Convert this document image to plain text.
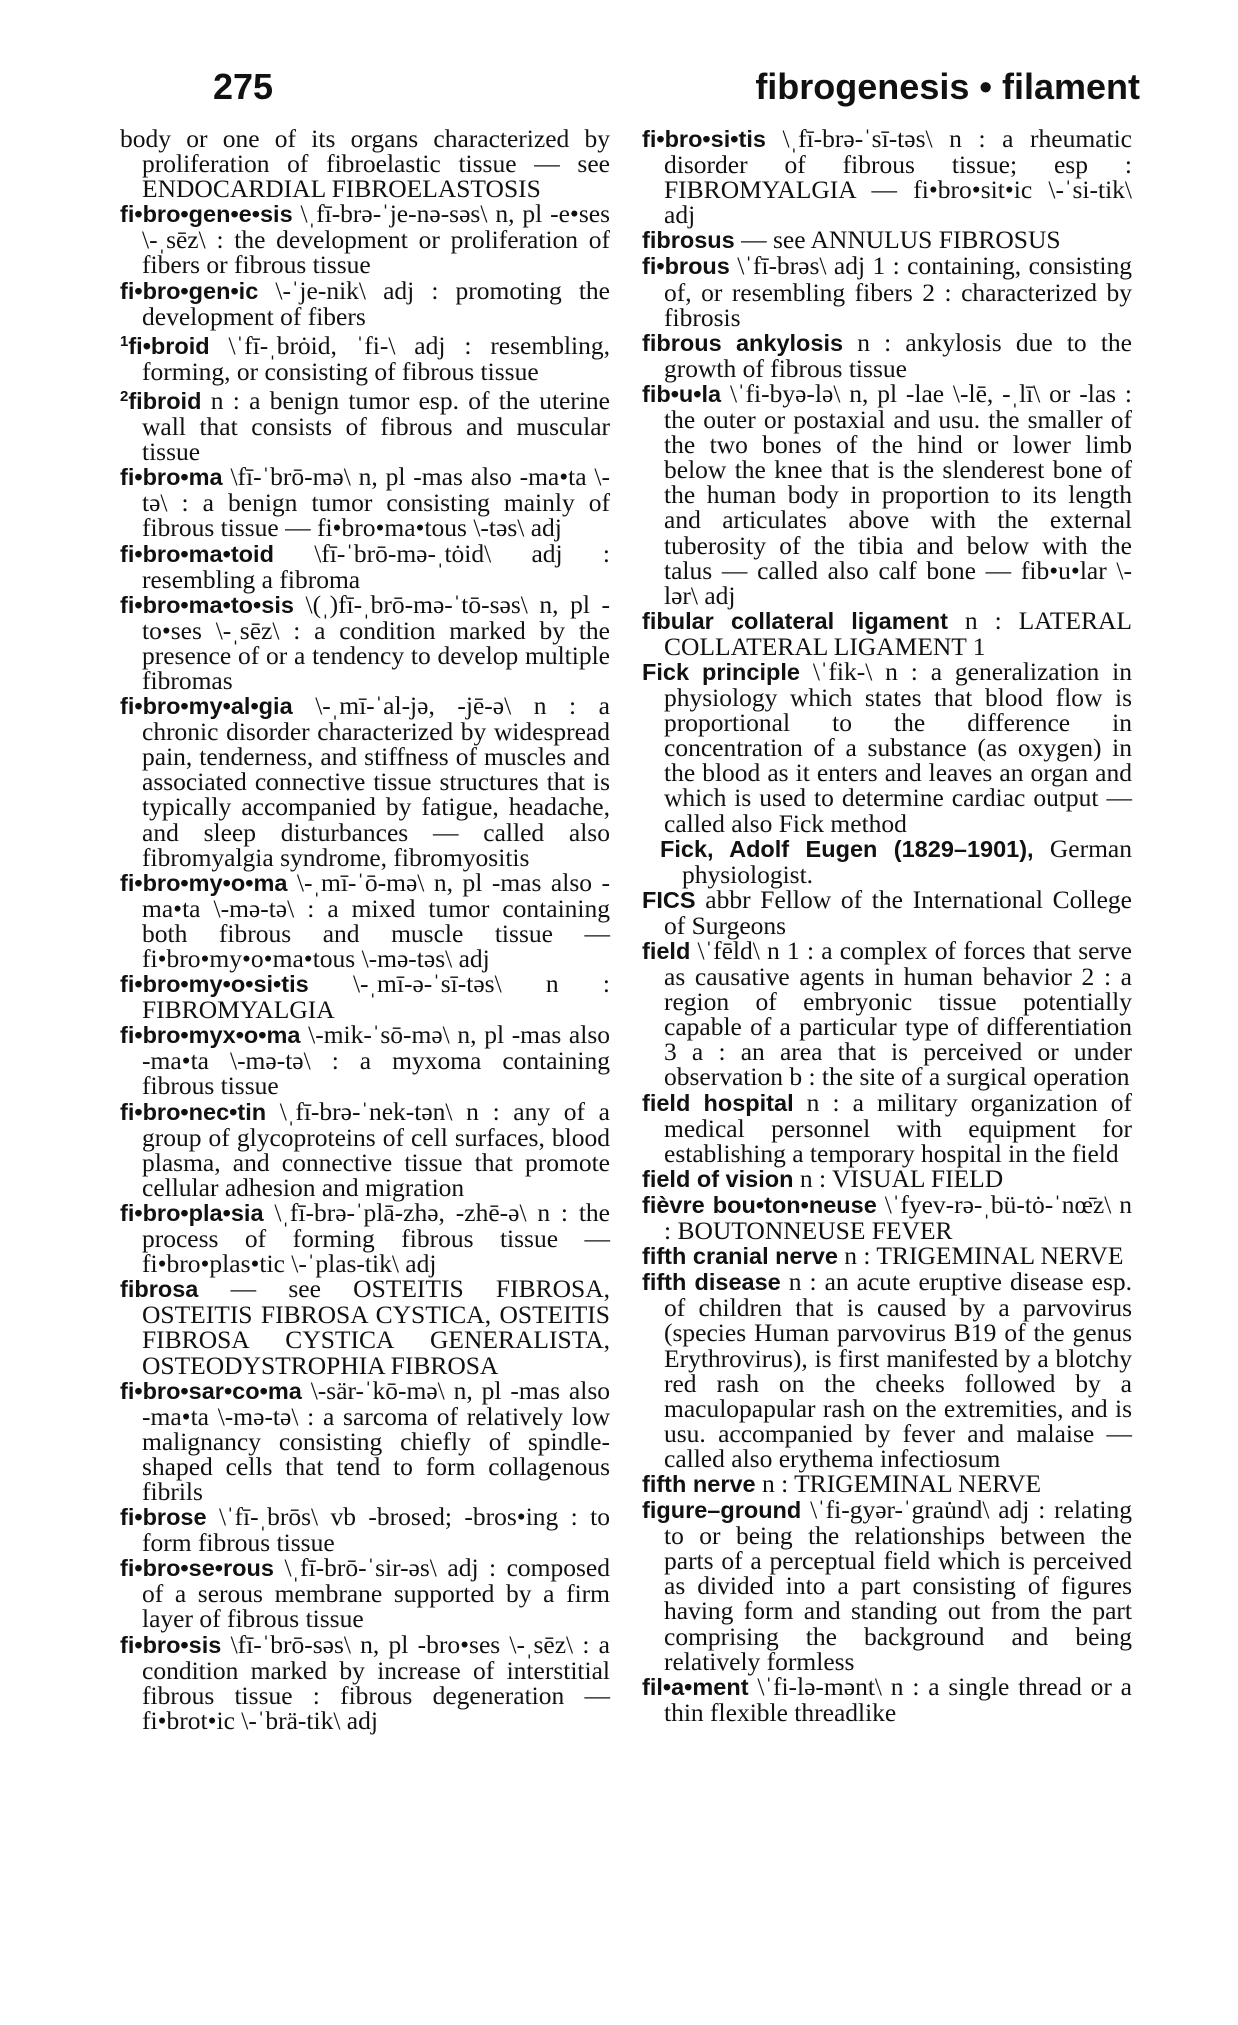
275	fibrogenesis • filament

body or one of its organs characterized by proliferation of fibroelastic tissue — see ENDOCARDIAL FIBROELASTOSIS

fi•bro•gen•e•sis \ˌfī-brə-ˈje-nə-səs\ n, pl -e•ses \-ˌsēz\ : the development or proliferation of fibers or fibrous tissue

fi•bro•gen•ic \-ˈje-nik\ adj : promoting the development of fibers

$^1$fi•broid \ˈfī-ˌbrȯid, ˈfi-\ adj : resembling, forming, or consisting of fibrous tissue

$^2$fibroid n : a benign tumor esp. of the uterine wall that consists of fibrous and muscular tissue

fi•bro•ma \fī-ˈbrō-mə\ n, pl -mas also -ma•ta \-tə\ : a benign tumor consisting mainly of fibrous tissue — fi•bro•ma•tous \-təs\ adj

fi•bro•ma•toid \fī-ˈbrō-mə-ˌtȯid\ adj : resembling a fibroma

fi•bro•ma•to•sis \(ˌ)fī-ˌbrō-mə-ˈtō-səs\ n, pl -to•ses \-ˌsēz\ : a condition marked by the presence of or a tendency to develop multiple fibromas

fi•bro•my•al•gia \-ˌmī-ˈal-jə, -jē-ə\ n : a chronic disorder characterized by widespread pain, tenderness, and stiffness of muscles and associated connective tissue structures that is typically accompanied by fatigue, headache, and sleep disturbances — called also fibromyalgia syndrome, fibromyositis

fi•bro•my•o•ma \-ˌmī-ˈō-mə\ n, pl -mas also -ma•ta \-mə-tə\ : a mixed tumor containing both fibrous and muscle tissue — fi•bro•my•o•ma•tous \-mə-təs\ adj

fi•bro•my•o•si•tis \-ˌmī-ə-ˈsī-təs\ n : FIBROMYALGIA

fi•bro•myx•o•ma \-mik-ˈsō-mə\ n, pl -mas also -ma•ta \-mə-tə\ : a myxoma containing fibrous tissue

fi•bro•nec•tin \ˌfī-brə-ˈnek-tən\ n : any of a group of glycoproteins of cell surfaces, blood plasma, and connective tissue that promote cellular adhesion and migration

fi•bro•pla•sia \ˌfī-brə-ˈplā-zhə, -zhē-ə\ n : the process of forming fibrous tissue — fi•bro•plas•tic \-ˈplas-tik\ adj

fibrosa — see OSTEITIS FIBROSA, OSTEITIS FIBROSA CYSTICA, OSTEITIS FIBROSA CYSTICA GENERALISTA, OSTEODYSTROPHIA FIBROSA

fi•bro•sar•co•ma \-sär-ˈkō-mə\ n, pl -mas also -ma•ta \-mə-tə\ : a sarcoma of relatively low malignancy consisting chiefly of spindle-shaped cells that tend to form collagenous fibrils

fi•brose \ˈfī-ˌbrōs\ vb -brosed; -bros•ing : to form fibrous tissue

fi•bro•se•rous \ˌfī-brō-ˈsir-əs\ adj : composed of a serous membrane supported by a firm layer of fibrous tissue

fi•bro•sis \fī-ˈbrō-səs\ n, pl -bro•ses \-ˌsēz\ : a condition marked by increase of interstitial fibrous tissue : fibrous degeneration — fi•brot•ic \-ˈbrä-tik\ adj

fi•bro•si•tis \ˌfī-brə-ˈsī-təs\ n : a rheumatic disorder of fibrous tissue; esp : FIBROMYALGIA — fi•bro•sit•ic \-ˈsi-tik\ adj

fibrosus — see ANNULUS FIBROSUS

fi•brous \ˈfī-brəs\ adj 1 : containing, consisting of, or resembling fibers 2 : characterized by fibrosis

fibrous ankylosis n : ankylosis due to the growth of fibrous tissue

fib•u•la \ˈfi-byə-lə\ n, pl -lae \-lē, -ˌlī\ or -las : the outer or postaxial and usu. the smaller of the two bones of the hind or lower limb below the knee that is the slenderest bone of the human body in proportion to its length and articulates above with the external tuberosity of the tibia and below with the talus — called also calf bone — fib•u•lar \-lər\ adj

fibular collateral ligament n : LATERAL COLLATERAL LIGAMENT 1

Fick principle \ˈfik-\ n : a generalization in physiology which states that blood flow is proportional to the difference in concentration of a substance (as oxygen) in the blood as it enters and leaves an organ and which is used to determine cardiac output — called also Fick method

Fick, Adolf Eugen (1829–1901), German physiologist.

FICS abbr Fellow of the International College of Surgeons

field \ˈfēld\ n 1 : a complex of forces that serve as causative agents in human behavior 2 : a region of embryonic tissue potentially capable of a particular type of differentiation 3 a : an area that is perceived or under observation b : the site of a surgical operation

field hospital n : a military organization of medical personnel with equipment for establishing a temporary hospital in the field

field of vision n : VISUAL FIELD

fièvre bou•ton•neuse \ˈfyev-rə-ˌbü-tȯ-ˈnœ̄z\ n : BOUTONNEUSE FEVER

fifth cranial nerve n : TRIGEMINAL NERVE

fifth disease n : an acute eruptive disease esp. of children that is caused by a parvovirus (species Human parvovirus B19 of the genus Erythrovirus), is first manifested by a blotchy red rash on the cheeks followed by a maculopapular rash on the extremities, and is usu. accompanied by fever and malaise — called also erythema infectiosum

fifth nerve n : TRIGEMINAL NERVE

figure–ground \ˈfi-gyər-ˈgrau̇nd\ adj : relating to or being the relationships between the parts of a perceptual field which is perceived as divided into a part consisting of figures having form and standing out from the part comprising the background and being relatively formless

fil•a•ment \ˈfi-lə-mənt\ n : a single thread or a thin flexible threadlike
